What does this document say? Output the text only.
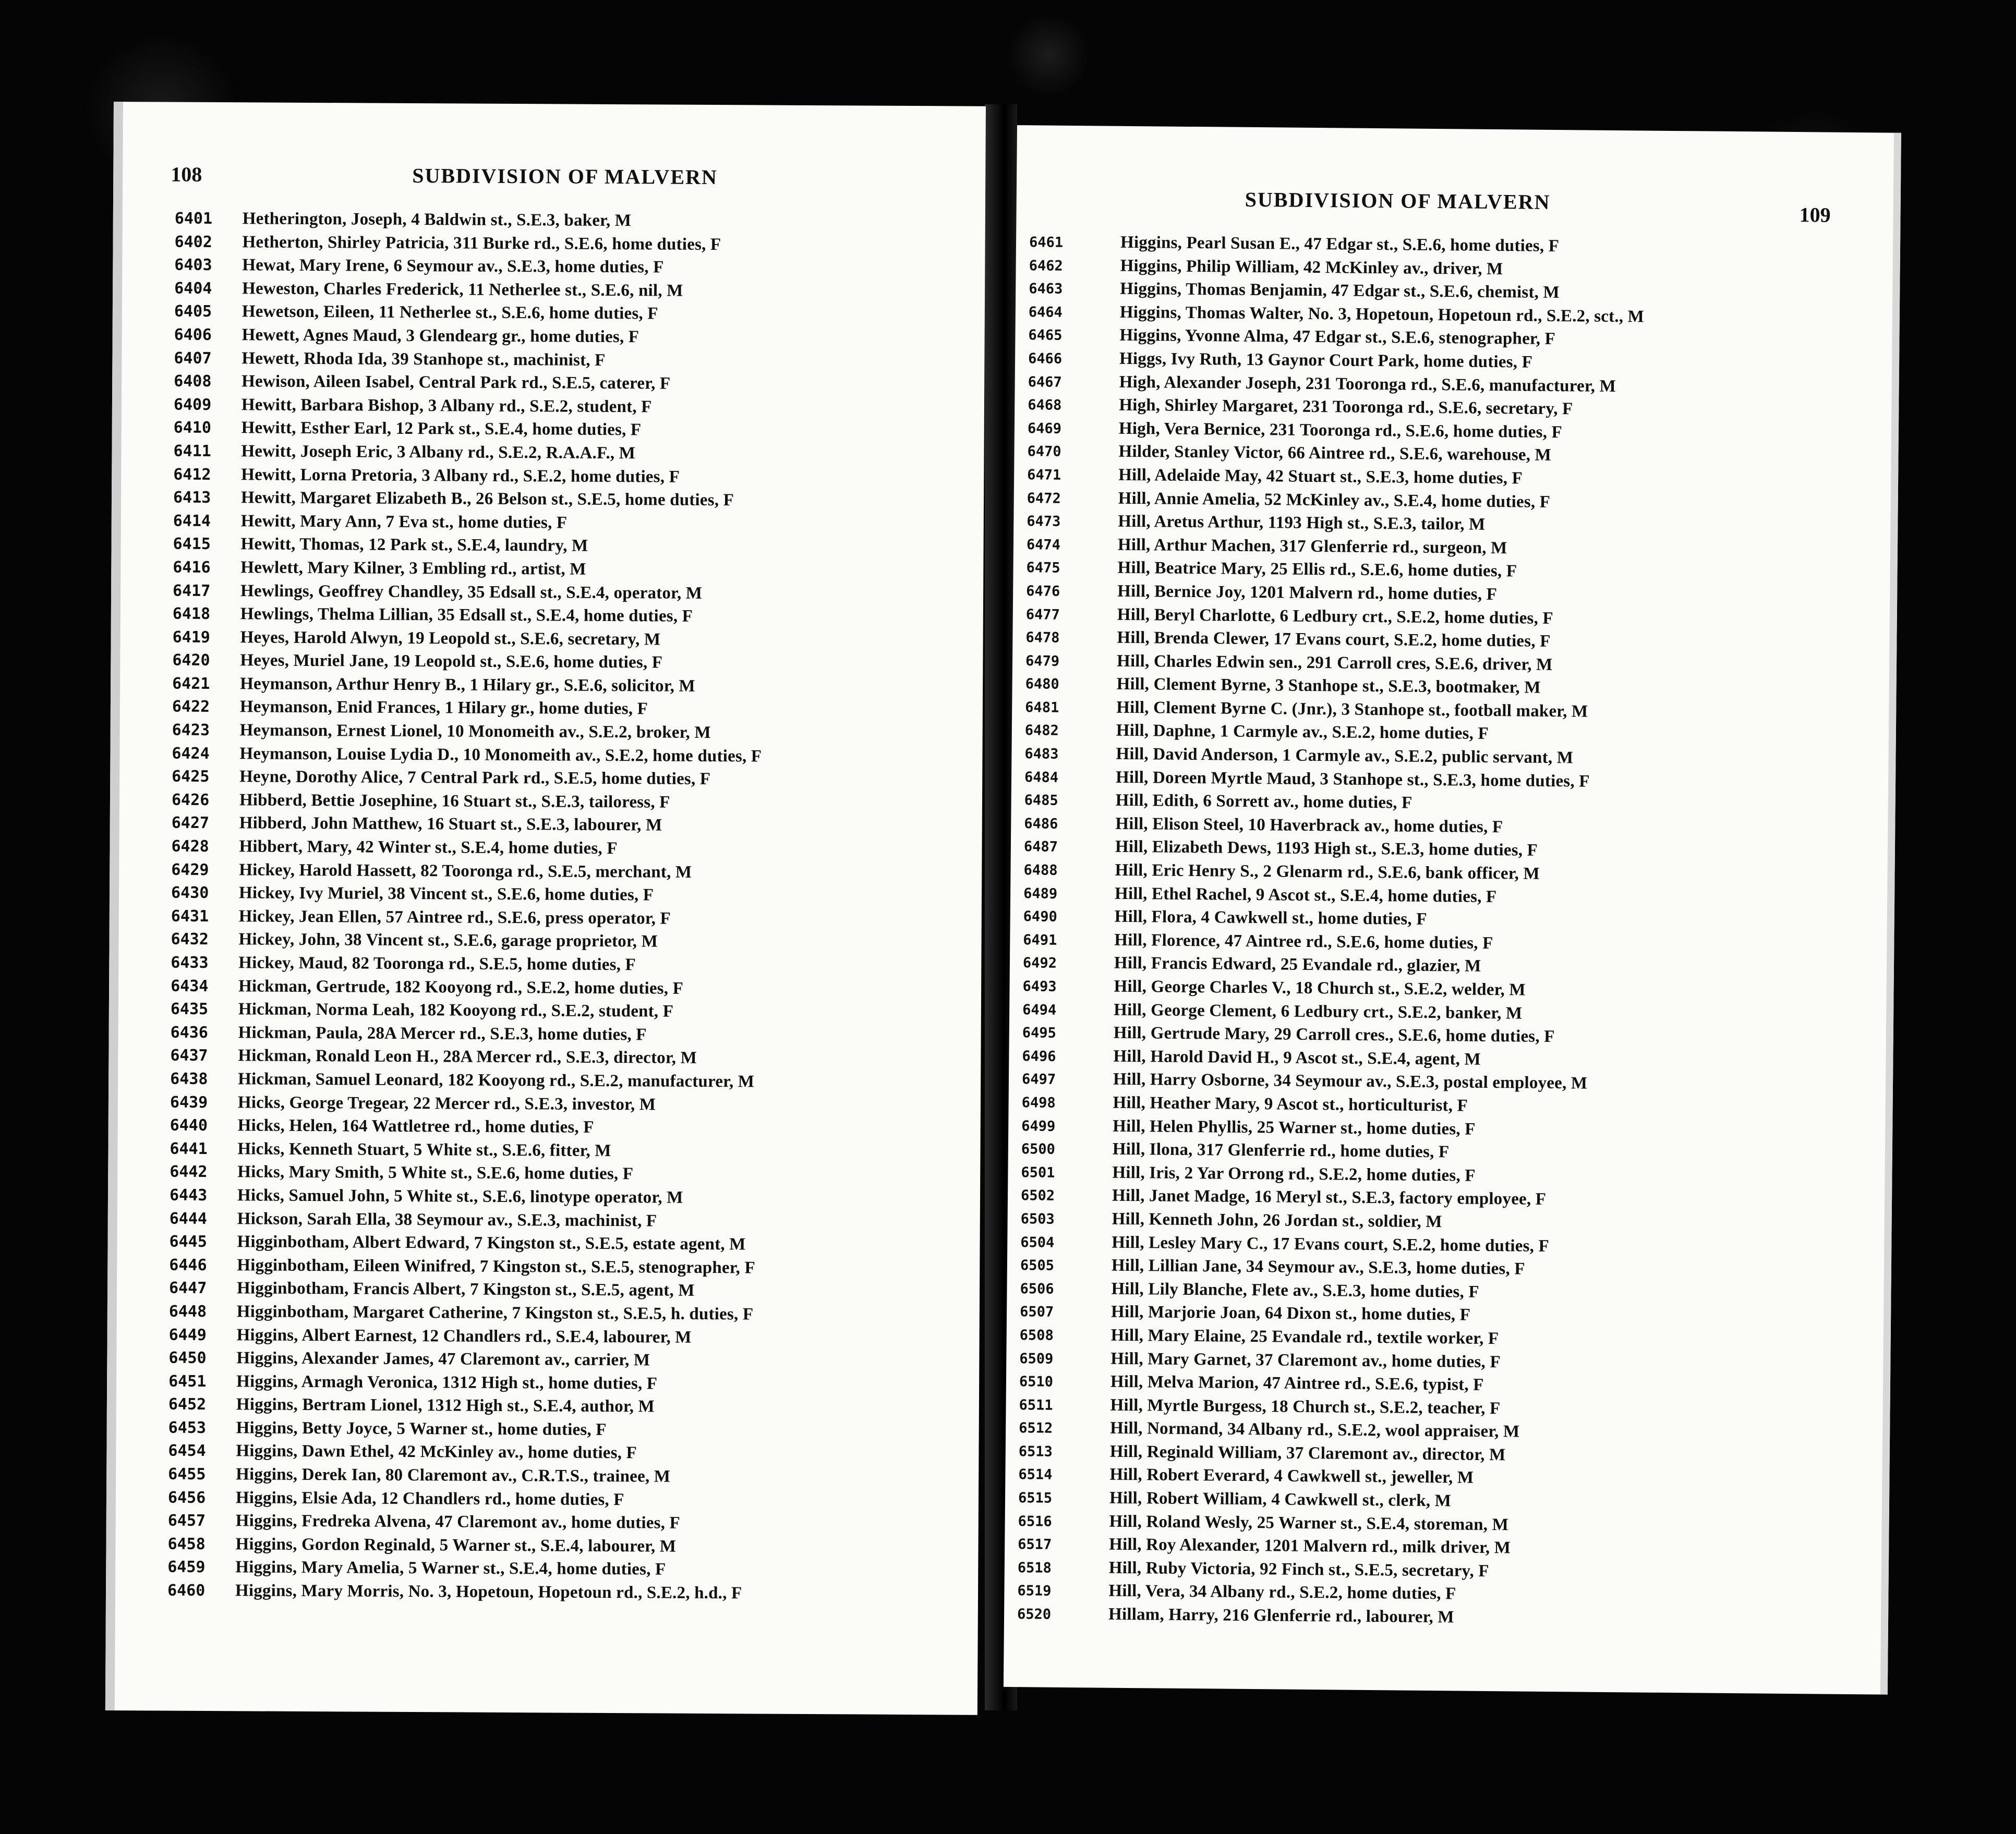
108	SUBDIVISION OF MALVERN
6401 Hetherington, Joseph, 4 Baldwin st., S.E.3, baker, M
6402 Hetherton, Shirley Patricia, 311 Burke rd., S.E.6, home duties, F
6403 Hewat, Mary Irene, 6 Seymour av., S.E.3, home duties, F
6404 Heweston, Charles Frederick, 11 Netherlee st., S.E.6, nil, M
6405 Hewetson, Eileen, 11 Netherlee st., S.E.6, home duties, F
6406 Hewett, Agnes Maud, 3 Glendearg gr., home duties, F
6407 Hewett, Rhoda Ida, 39 Stanhope st., machinist, F
6408 Hewison, Aileen Isabel, Central Park rd., S.E.5, caterer, F
6409 Hewitt, Barbara Bishop, 3 Albany rd., S.E.2, student, F
6410 Hewitt, Esther Earl, 12 Park st., S.E.4, home duties, F
6411 Hewitt, Joseph Eric, 3 Albany rd., S.E.2, R.A.A.F., M
6412 Hewitt, Lorna Pretoria, 3 Albany rd., S.E.2, home duties, F
6413 Hewitt, Margaret Elizabeth B., 26 Belson st., S.E.5, home duties, F
6414 Hewitt, Mary Ann, 7 Eva st., home duties, F
6415 Hewitt, Thomas, 12 Park st., S.E.4, laundry, M
6416 Hewlett, Mary Kilner, 3 Embling rd., artist, M
6417 Hewlings, Geoffrey Chandley, 35 Edsall st., S.E.4, operator, M
6418 Hewlings, Thelma Lillian, 35 Edsall st., S.E.4, home duties, F
6419 Heyes, Harold Alwyn, 19 Leopold st., S.E.6, secretary, M
6420 Heyes, Muriel Jane, 19 Leopold st., S.E.6, home duties, F
6421 Heymanson, Arthur Henry B., 1 Hilary gr., S.E.6, solicitor, M
6422 Heymanson, Enid Frances, 1 Hilary gr., home duties, F
6423 Heymanson, Ernest Lionel, 10 Monomeith av., S.E.2, broker, M
6424 Heymanson, Louise Lydia D., 10 Monomeith av., S.E.2, home duties, F
6425 Heyne, Dorothy Alice, 7 Central Park rd., S.E.5, home duties, F
6426 Hibberd, Bettie Josephine, 16 Stuart st., S.E.3, tailoress, F
6427 Hibberd, John Matthew, 16 Stuart st., S.E.3, labourer, M
6428 Hibbert, Mary, 42 Winter st., S.E.4, home duties, F
6429 Hickey, Harold Hassett, 82 Tooronga rd., S.E.5, merchant, M
6430 Hickey, Ivy Muriel, 38 Vincent st., S.E.6, home duties, F
6431 Hickey, Jean Ellen, 57 Aintree rd., S.E.6, press operator, F
6432 Hickey, John, 38 Vincent st., S.E.6, garage proprietor, M
6433 Hickey, Maud, 82 Tooronga rd., S.E.5, home duties, F
6434 Hickman, Gertrude, 182 Kooyong rd., S.E.2, home duties, F
6435 Hickman, Norma Leah, 182 Kooyong rd., S.E.2, student, F
6436 Hickman, Paula, 28A Mercer rd., S.E.3, home duties, F
6437 Hickman, Ronald Leon H., 28A Mercer rd., S.E.3, director, M
6438 Hickman, Samuel Leonard, 182 Kooyong rd., S.E.2, manufacturer, M
6439 Hicks, George Tregear, 22 Mercer rd., S.E.3, investor, M
6440 Hicks, Helen, 164 Wattletree rd., home duties, F
6441 Hicks, Kenneth Stuart, 5 White st., S.E.6, fitter, M
6442 Hicks, Mary Smith, 5 White st., S.E.6, home duties, F
6443 Hicks, Samuel John, 5 White st., S.E.6, linotype operator, M
6444 Hickson, Sarah Ella, 38 Seymour av., S.E.3, machinist, F
6445 Higginbotham, Albert Edward, 7 Kingston st., S.E.5, estate agent, M
6446 Higginbotham, Eileen Winifred, 7 Kingston st., S.E.5, stenographer, F
6447 Higginbotham, Francis Albert, 7 Kingston st., S.E.5, agent, M
6448 Higginbotham, Margaret Catherine, 7 Kingston st., S.E.5, h. duties, F
6449 Higgins, Albert Earnest, 12 Chandlers rd., S.E.4, labourer, M
6450 Higgins, Alexander James, 47 Claremont av., carrier, M
6451 Higgins, Armagh Veronica, 1312 High st., home duties, F
6452 Higgins, Bertram Lionel, 1312 High st., S.E.4, author, M
6453 Higgins, Betty Joyce, 5 Warner st., home duties, F
6454 Higgins, Dawn Ethel, 42 McKinley av., home duties, F
6455 Higgins, Derek Ian, 80 Claremont av., C.R.T.S., trainee, M
6456 Higgins, Elsie Ada, 12 Chandlers rd., home duties, F
6457 Higgins, Fredreka Alvena, 47 Claremont av., home duties, F
6458 Higgins, Gordon Reginald, 5 Warner st., S.E.4, labourer, M
6459 Higgins, Mary Amelia, 5 Warner st., S.E.4, home duties, F
6460 Higgins, Mary Morris, No. 3, Hopetoun, Hopetoun rd., S.E.2, h.d., F
SUBDIVISION OF MALVERN
109
6461	Higgins, Pearl Susan E., 47 Edgar st., S.E.6, home duties, F
6462	Higgins, Philip William, 42 McKinley av., driver, M
6463	Higgins, Thomas Benjamin, 47 Edgar st., S.E.6, chemist, M
6464	Higgins, Thomas Walter, No. 3, Hopetoun, Hopetoun rd., S.E.2, sct., M
6465	Higgins, Yvonne Alma, 47 Edgar st., S.E.6, stenographer, F
6466	Higgs, Ivy Ruth, 13 Gaynor Court Park, home duties, F
6467	High, Alexander Joseph, 231 Tooronga rd., S.E.6, manufacturer, M
6468	High, Shirley Margaret, 231 Tooronga rd., S.E.6, secretary, F
6469	High, Vera Bernice, 231 Tooronga rd., S.E.6, home duties, F
6470	Hilder, Stanley Victor, 66 Aintree rd., S.E.6, warehouse, M
6471	Hill, Adelaide May, 42 Stuart st., S.E.3, home duties, F
6472	Hill, Annie Amelia, 52 McKinley av., S.E.4, home duties, F
6473	Hill, Aretus Arthur, 1193 High st., S.E.3, tailor, M
6474	Hill, Arthur Machen, 317 Glenferrie rd., surgeon, M
6475	Hill, Beatrice Mary, 25 Ellis rd., S.E.6, home duties, F
6476	Hill, Bernice Joy, 1201 Malvern rd., home duties, F
6477	Hill, Beryl Charlotte, 6 Ledbury crt., S.E.2, home duties, F
6478	Hill, Brenda Clewer, 17 Evans court, S.E.2, home duties, F
6479	Hill, Charles Edwin sen., 291 Carroll cres, S.E.6, driver, M
6480	Hill, Clement Byrne, 3 Stanhope st., S.E.3, bootmaker, M
6481	Hill, Clement Byrne C. (Jnr.), 3 Stanhope st., football maker, M
6482	Hill, Daphne, 1 Carmyle av., S.E.2, home duties, F
6483	Hill, David Anderson, 1 Carmyle av., S.E.2, public servant, M
6484	Hill, Doreen Myrtle Maud, 3 Stanhope st., S.E.3, home duties, F
6485	Hill, Edith, 6 Sorrett av., home duties, F
6486	Hill, Elison Steel, 10 Haverbrack av., home duties, F
6487	Hill, Elizabeth Dews, 1193 High st., S.E.3, home duties, F
6488	Hill, Eric Henry S., 2 Glenarm rd., S.E.6, bank officer, M
6489	Hill, Ethel Rachel, 9 Ascot st., S.E.4, home duties, F
6490	Hill, Flora, 4 Cawkwell st., home duties, F
6491	Hill, Florence, 47 Aintree rd., S.E.6, home duties, F
6492	Hill, Francis Edward, 25 Evandale rd., glazier, M
6493	Hill, George Charles V., 18 Church st., S.E.2, welder, M
6494	Hill, George Clement, 6 Ledbury crt., S.E.2, banker, M
6495	Hill, Gertrude Mary, 29 Carroll cres., S.E.6, home duties, F
6496	Hill, Harold David H., 9 Ascot st., S.E.4, agent, M
6497	Hill, Harry Osborne, 34 Seymour av., S.E.3, postal employee, M
6498	Hill, Heather Mary, 9 Ascot st., horticulturist, F
6499	Hill, Helen Phyllis, 25 Warner st., home duties, F
6500	Hill, Ilona, 317 Glenferrie rd., home duties, F
6501	Hill, Iris, 2 Yar Orrong rd., S.E.2, home duties, F
6502	Hill, Janet Madge, 16 Meryl st., S.E.3, factory employee, F
6503	Hill, Kenneth John, 26 Jordan st., soldier, M
6504	Hill, Lesley Mary C., 17 Evans court, S.E.2, home duties, F
6505	Hill, Lillian Jane, 34 Seymour av., S.E.3, home duties, F
6506	Hill, Lily Blanche, Flete av., S.E.3, home duties, F
6507	Hill, Marjorie Joan, 64 Dixon st., home duties, F
6508	Hill, Mary Elaine, 25 Evandale rd., textile worker, F
6509	Hill, Mary Garnet, 37 Claremont av., home duties, F
6510	Hill, Melva Marion, 47 Aintree rd., S.E.6, typist, F
6511	Hill, Myrtle Burgess, 18 Church st., S.E.2, teacher, F
6512	Hill, Normand, 34 Albany rd., S.E.2, wool appraiser, M
6513	Hill, Reginald William, 37 Claremont av., director, M
6514	Hill, Robert Everard, 4 Cawkwell st., jeweller, M
6515	Hill, Robert William, 4 Cawkwell st., clerk, M
6516	Hill, Roland Wesly, 25 Warner st., S.E.4, storeman, M
6517	Hill, Roy Alexander, 1201 Malvern rd., milk driver, M
6518	Hill, Ruby Victoria, 92 Finch st., S.E.5, secretary, F
6519	Hill, Vera, 34 Albany rd., S.E.2, home duties, F
6520	Hillam, Harry, 216 Glenferrie rd., labourer, M
